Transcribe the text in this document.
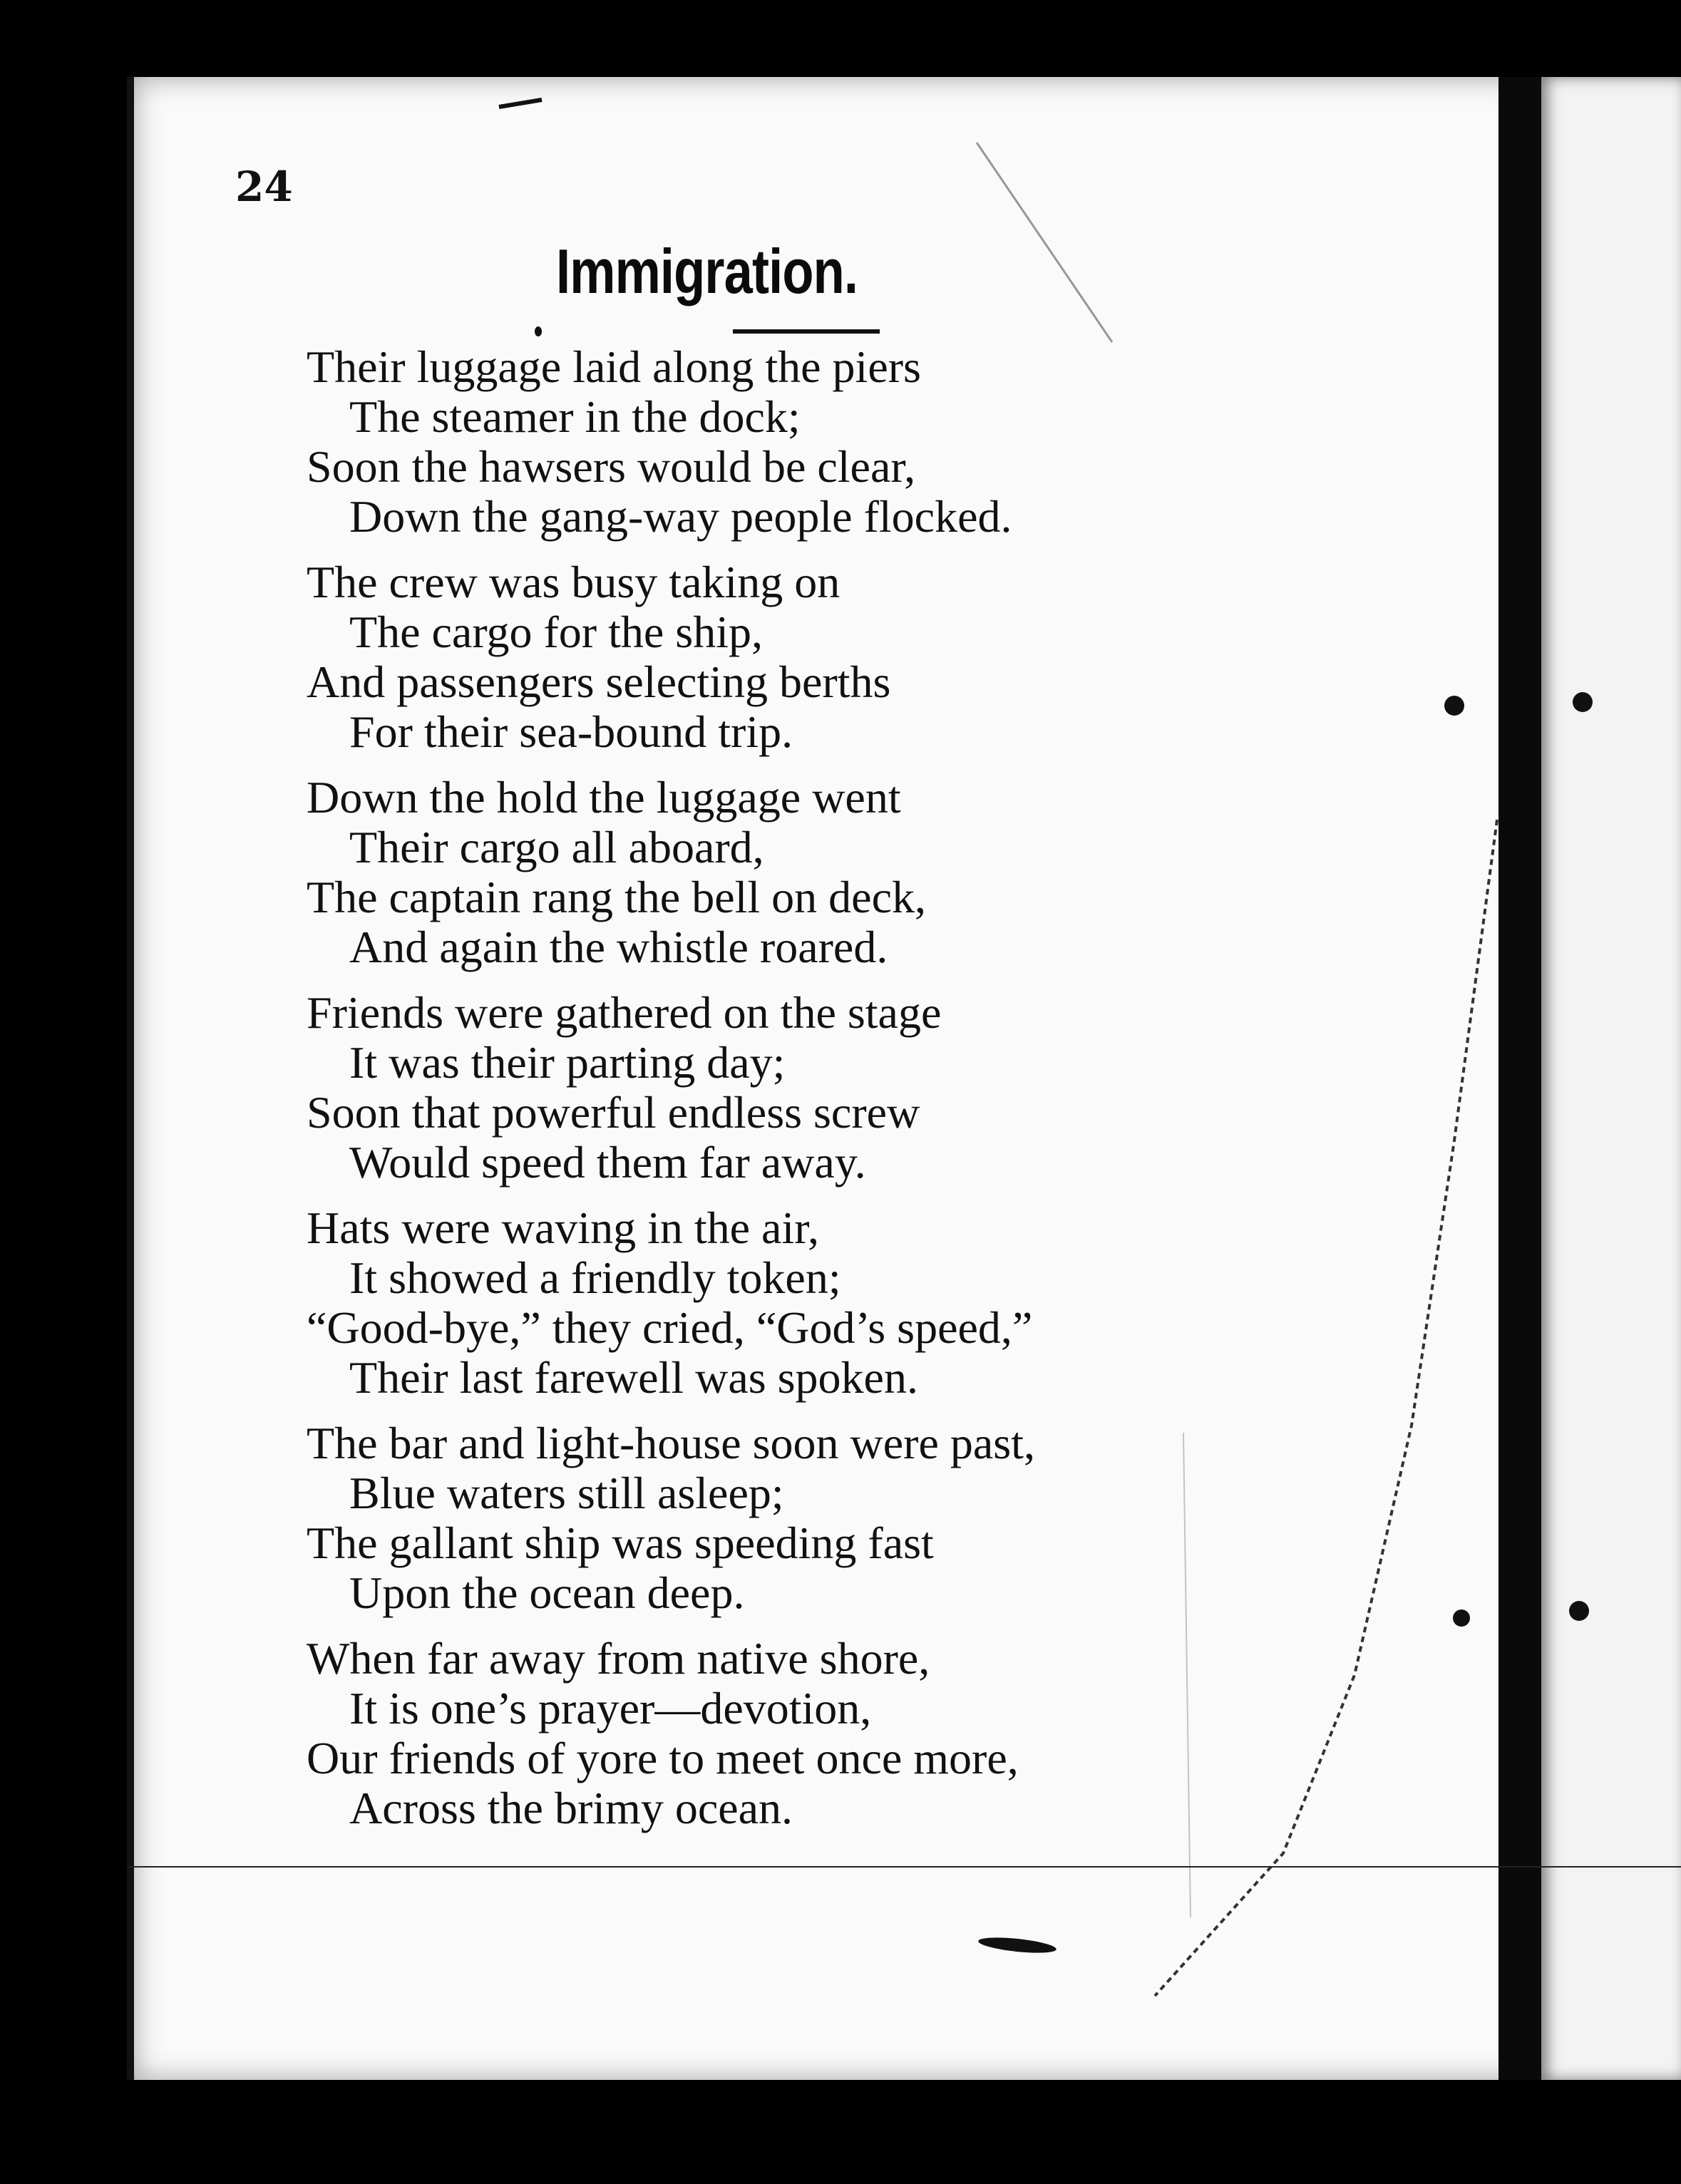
24
Immigration.
Their luggage laid along the piers
The steamer in the dock;
Soon the hawsers would be clear,
Down the gang-way people flocked.
The crew was busy taking on
The cargo for the ship,
And passengers selecting berths
For their sea-bound trip.
Down the hold the luggage went
Their cargo all aboard,
The captain rang the bell on deck,
And again the whistle roared.
Friends were gathered on the stage
It was their parting day;
Soon that powerful endless screw
Would speed them far away.
Hats were waving in the air,
It showed a friendly token;
“Good-bye,” they cried, “God’s speed,”
Their last farewell was spoken.
The bar and light-house soon were past,
Blue waters still asleep;
The gallant ship was speeding fast
Upon the ocean deep.
When far away from native shore,
It is one’s prayer—devotion,
Our friends of yore to meet once more,
Across the brimy ocean.
